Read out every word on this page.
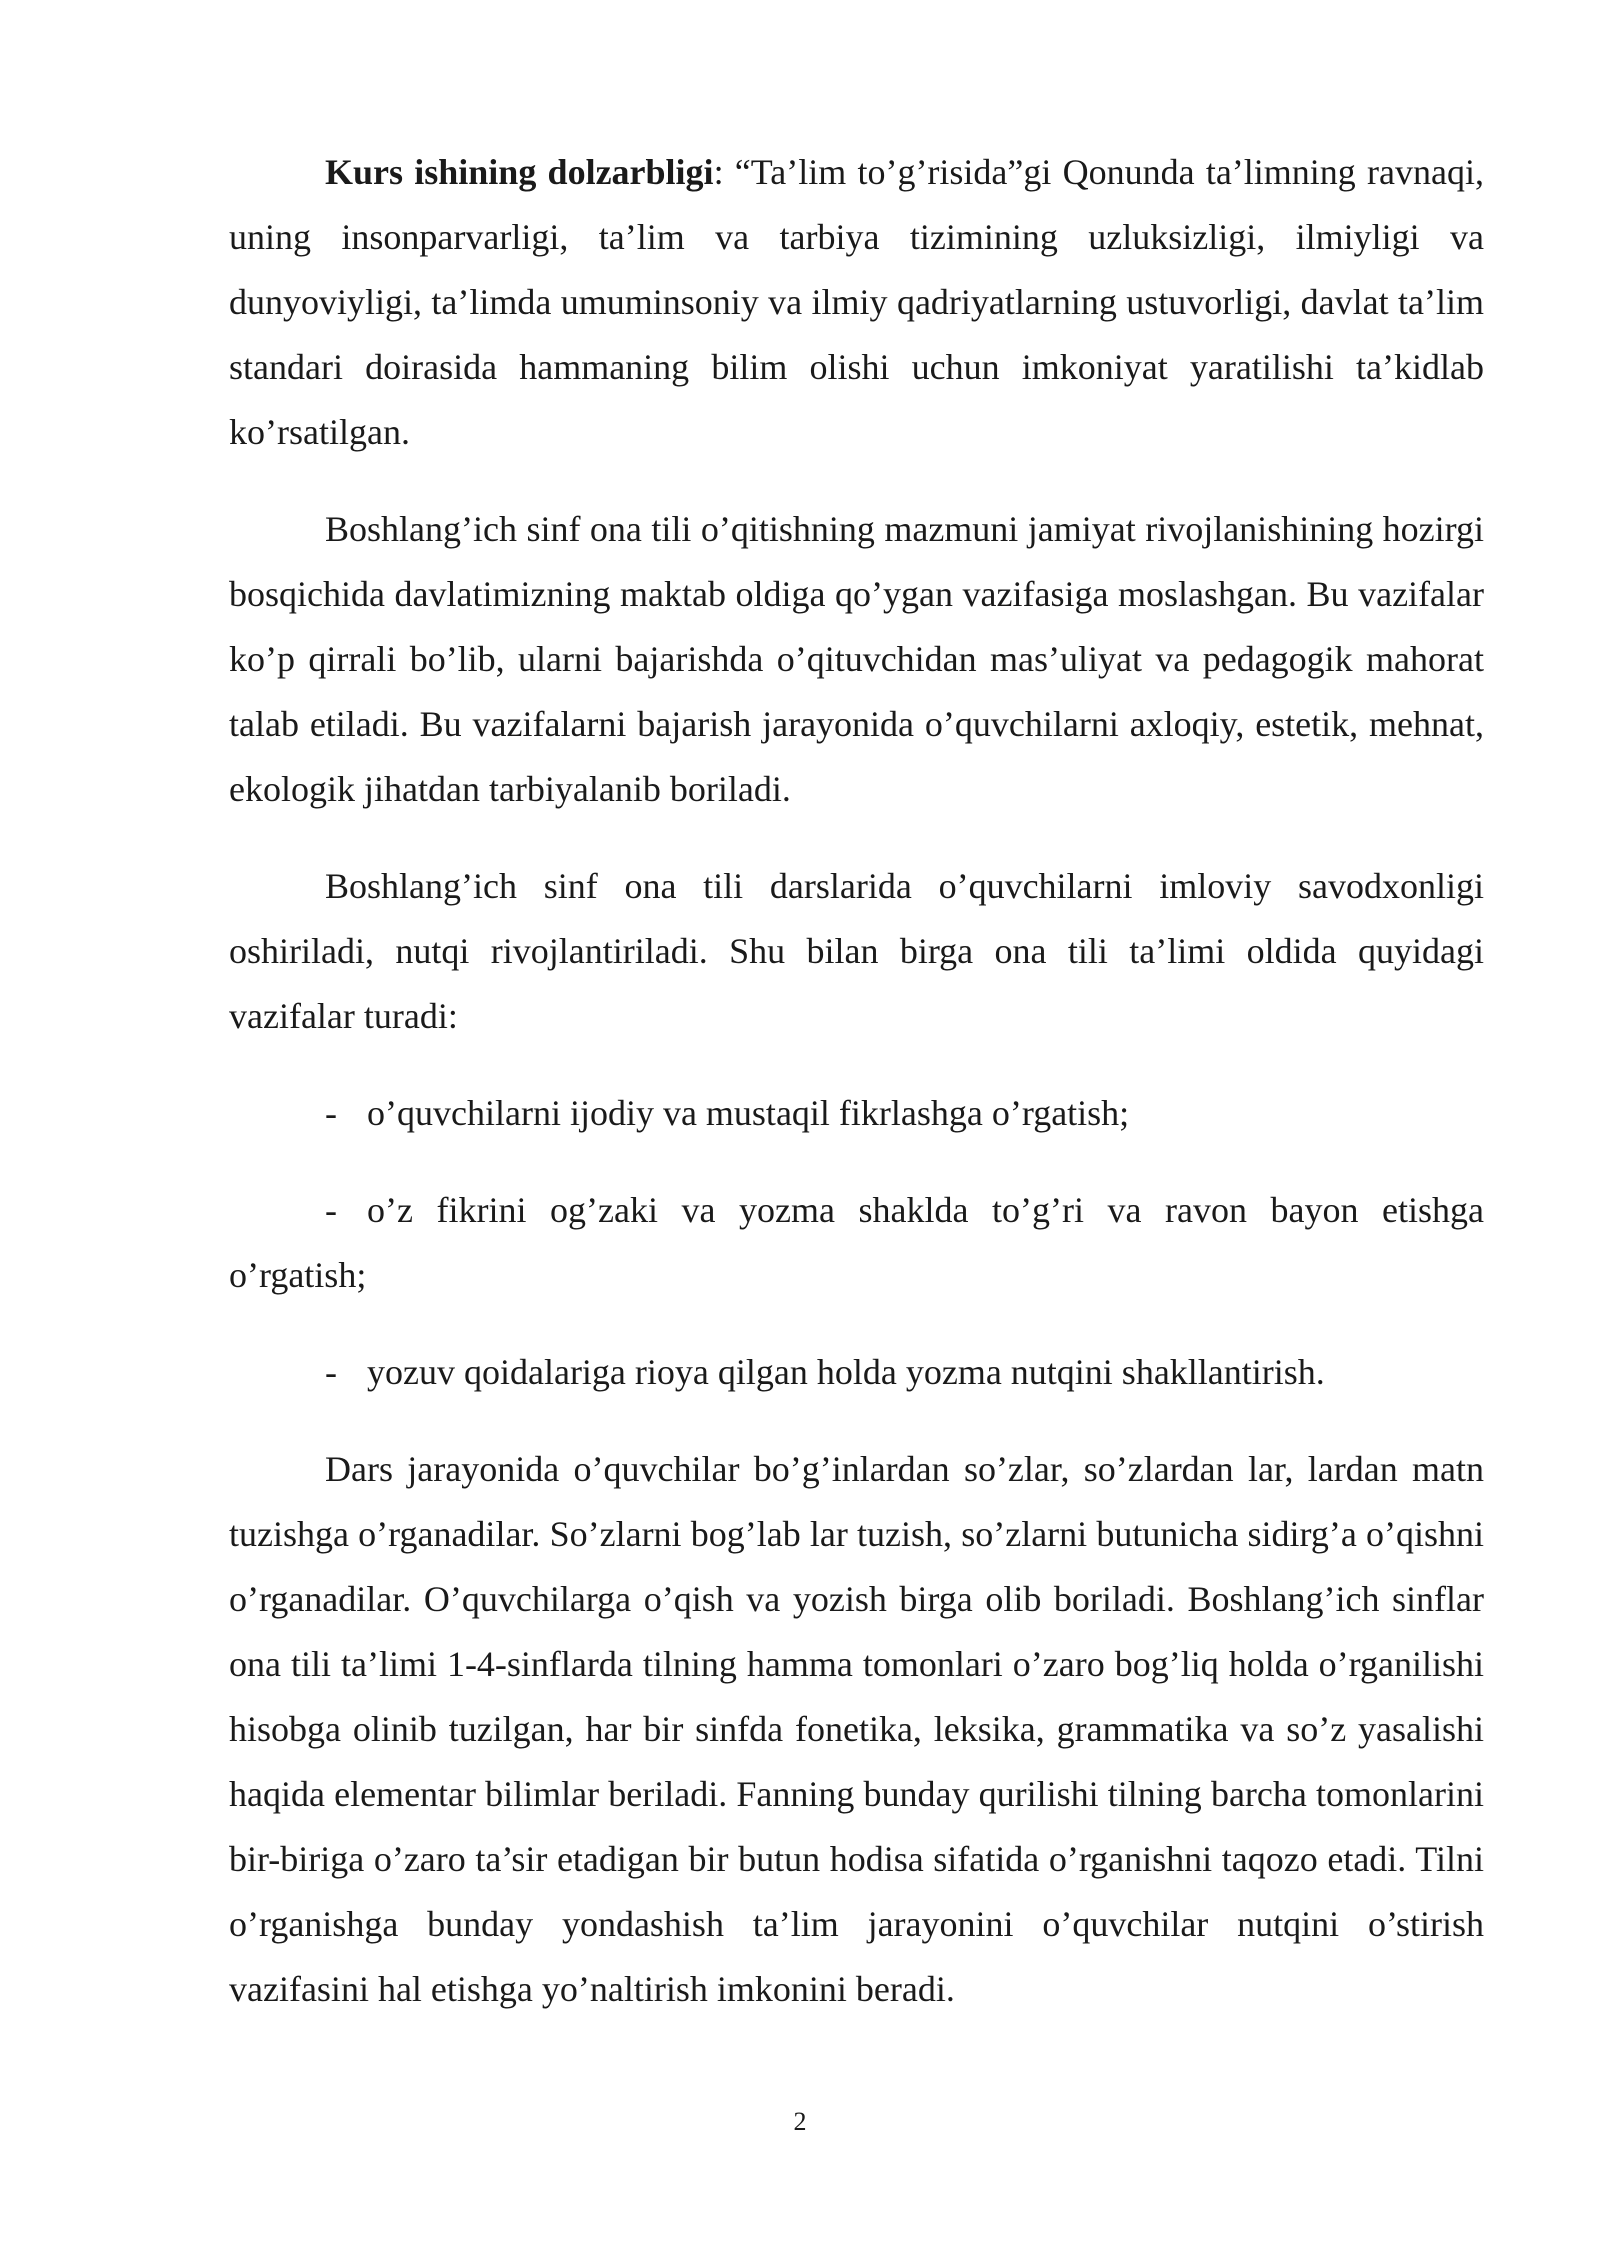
Kurs ishining dolzarbligi: “Ta’lim to’g’risida”gi Qonunda ta’limning ravnaqi, uning insonparvarligi, ta’lim va tarbiya tizimining uzluksizligi, ilmiyligi va dunyoviyligi, ta’limda umuminsoniy va ilmiy qadriyatlarning ustuvorligi, davlat ta’lim standari doirasida hammaning bilim olishi uchun imkoniyat yaratilishi ta’kidlab ko’rsatilgan.

Boshlang’ich sinf ona tili o’qitishning mazmuni jamiyat rivojlanishining hozirgi bosqichida davlatimizning maktab oldiga qo’ygan vazifasiga moslashgan. Bu vazifalar ko’p qirrali bo’lib, ularni bajarishda o’qituvchidan mas’uliyat va pedagogik mahorat talab etiladi. Bu vazifalarni bajarish jarayonida o’quvchilarni axloqiy, estetik, mehnat, ekologik jihatdan tarbiyalanib boriladi.

Boshlang’ich sinf ona tili darslarida o’quvchilarni imloviy savodxonligi oshiriladi, nutqi rivojlantiriladi. Shu bilan birga ona tili ta’limi oldida quyidagi vazifalar turadi:

- o’quvchilarni ijodiy va mustaqil fikrlashga o’rgatish;

- o’z fikrini og’zaki va yozma shaklda to’g’ri va ravon bayon etishga o’rgatish;

- yozuv qoidalariga rioya qilgan holda yozma nutqini shakllantirish.

Dars jarayonida o’quvchilar bo’g’inlardan so’zlar, so’zlardan lar, lardan matn tuzishga o’rganadilar. So’zlarni bog’lab lar tuzish, so’zlarni butunicha sidirg’a o’qishni o’rganadilar. O’quvchilarga o’qish va yozish birga olib boriladi. Boshlang’ich sinflar ona tili ta’limi 1-4-sinflarda tilning hamma tomonlari o’zaro bog’liq holda o’rganilishi hisobga olinib tuzilgan, har bir sinfda fonetika, leksika, grammatika va so’z yasalishi haqida elementar bilimlar beriladi. Fanning bunday qurilishi tilning barcha tomonlarini bir-biriga o’zaro ta’sir etadigan bir butun hodisa sifatida o’rganishni taqozo etadi. Tilni o’rganishga bunday yondashish ta’lim jarayonini o’quvchilar nutqini o’stirish vazifasini hal etishga yo’naltirish imkonini beradi.

2
